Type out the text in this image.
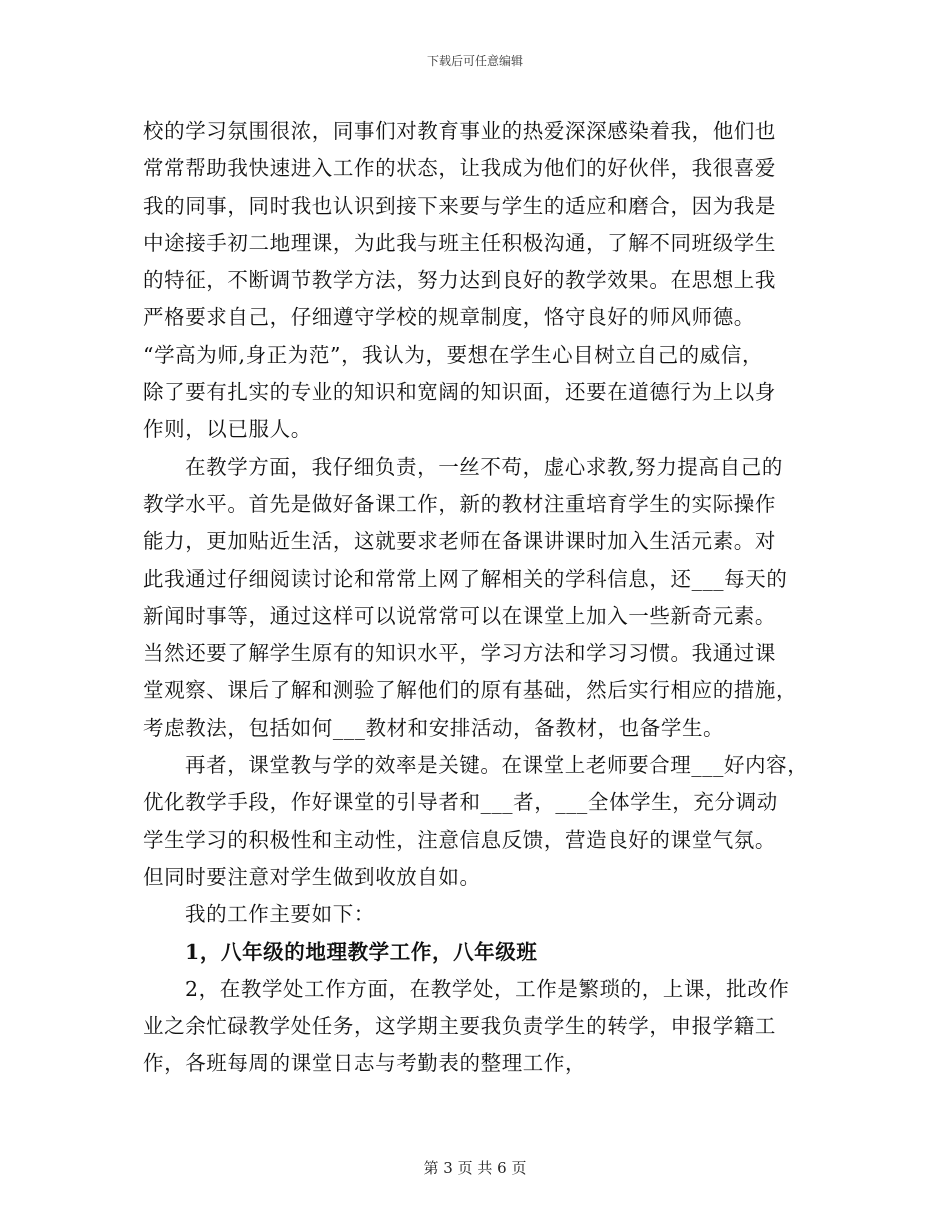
下载后可任意编辑
校的学习氛围很浓，同事们对教育事业的热爱深深感染着我，他们也
常常帮助我快速进入工作的状态，让我成为他们的好伙伴，我很喜爱
我的同事，同时我也认识到接下来要与学生的适应和磨合，因为我是
中途接手初二地理课，为此我与班主任积极沟通，了解不同班级学生
的特征，不断调节教学方法，努力达到良好的教学效果。在思想上我
严格要求自己，仔细遵守学校的规章制度，恪守良好的师风师德。
“学高为师,身正为范”，我认为，要想在学生心目树立自己的威信，
除了要有扎实的专业的知识和宽阔的知识面，还要在道德行为上以身
作则，以已服人。
在教学方面，我仔细负责，一丝不苟，虚心求教,努力提高自己的
教学水平。首先是做好备课工作，新的教材注重培育学生的实际操作
能力，更加贴近生活，这就要求老师在备课讲课时加入生活元素。对
此我通过仔细阅读讨论和常常上网了解相关的学科信息，还___每天的
新闻时事等，通过这样可以说常常可以在课堂上加入一些新奇元素。
当然还要了解学生原有的知识水平，学习方法和学习习惯。我通过课
堂观察、课后了解和测验了解他们的原有基础，然后实行相应的措施，
考虑教法，包括如何___教材和安排活动，备教材，也备学生。
再者，课堂教与学的效率是关键。在课堂上老师要合理___好内容，
优化教学手段，作好课堂的引导者和___者，___全体学生，充分调动
学生学习的积极性和主动性，注意信息反馈，营造良好的课堂气氛。
但同时要注意对学生做到收放自如。
我的工作主要如下：
1，八年级的地理教学工作，八年级班
2，在教学处工作方面，在教学处，工作是繁琐的，上课，批改作
业之余忙碌教学处任务，这学期主要我负责学生的转学，申报学籍工
作，各班每周的课堂日志与考勤表的整理工作，
第 3 页 共 6 页
